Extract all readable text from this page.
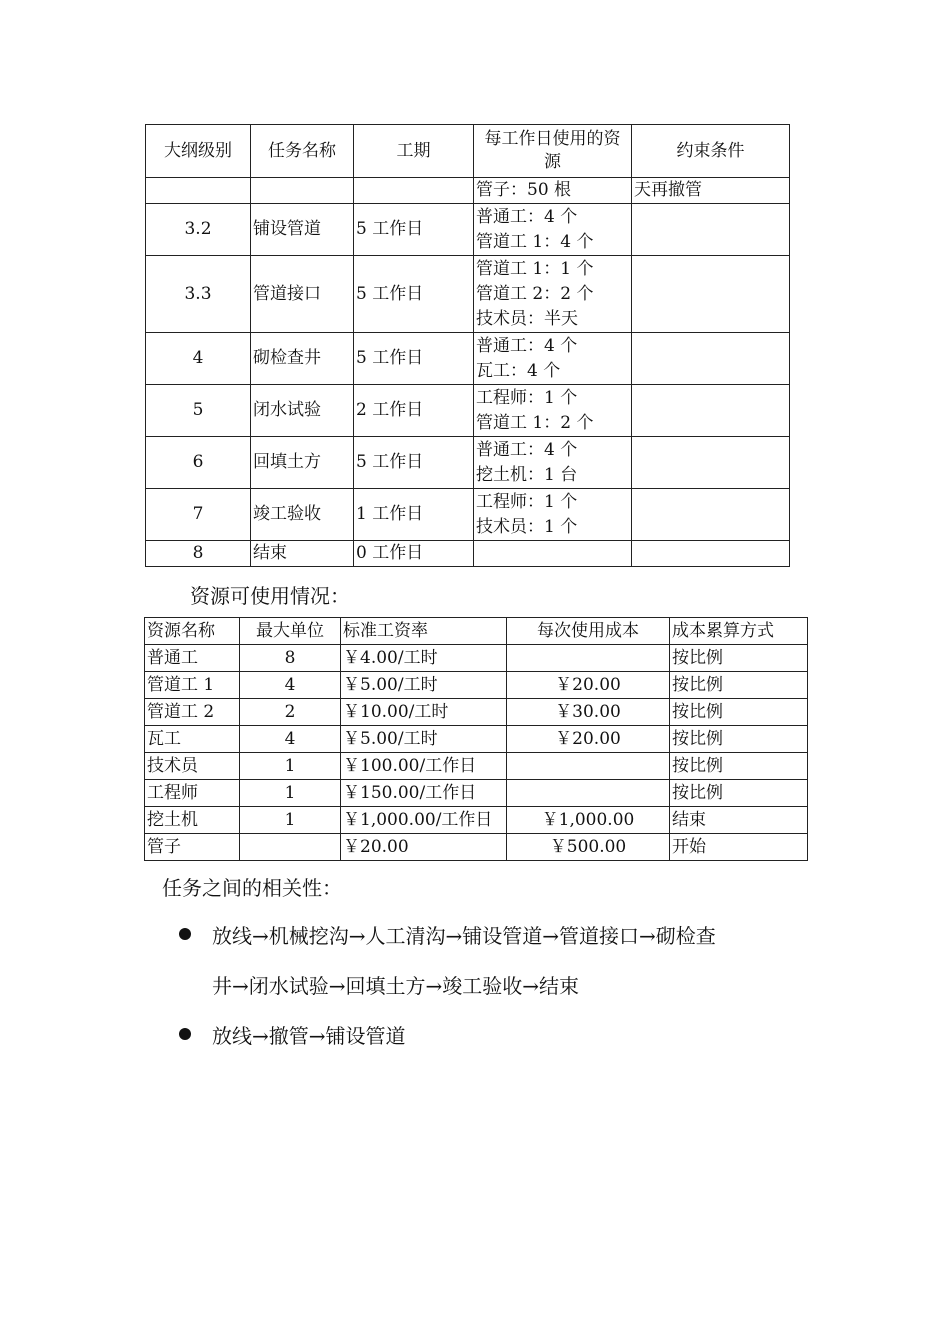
大纲级别	任务名称	工期	每工作日使用的资
源	约束条件

			管子：50 根	天再撤管
3.2	铺设管道	5 工作日	普通工：4 个
管道工 1：4 个	

3.3	管道接口	5 工作日	管道工 1：1 个
管道工 2：2 个
技术员：半天	

4	砌检查井	5 工作日	普通工：4 个
瓦工：4 个	

5	闭水试验	2 工作日	工程师：1 个
管道工 1：2 个	

6	回填土方	5 工作日	普通工：4 个
挖土机：1 台	

7	竣工验收	1 工作日	工程师：1 个
技术员：1 个	

8	结束	0 工作日	

资源可使用情况：
资源名称	最大单位	标准工资率	每次使用成本	成本累算方式
普通工	8	￥4.00/工时		按比例
管道工 1	4	￥5.00/工时	￥20.00	按比例
管道工 2	2	￥10.00/工时	￥30.00	按比例
瓦工	4	￥5.00/工时	￥20.00	按比例
技术员	1	￥100.00/工作日		按比例
工程师	1	￥150.00/工作日		按比例
挖土机	1	￥1,000.00/工作日	￥1,000.00	结束
管子		￥20.00	￥500.00	开始
任务之间的相关性：
放线→机械挖沟→人工清沟→铺设管道→管道接口→砌检查
井→闭水试验→回填土方→竣工验收→结束
放线→撤管→铺设管道
